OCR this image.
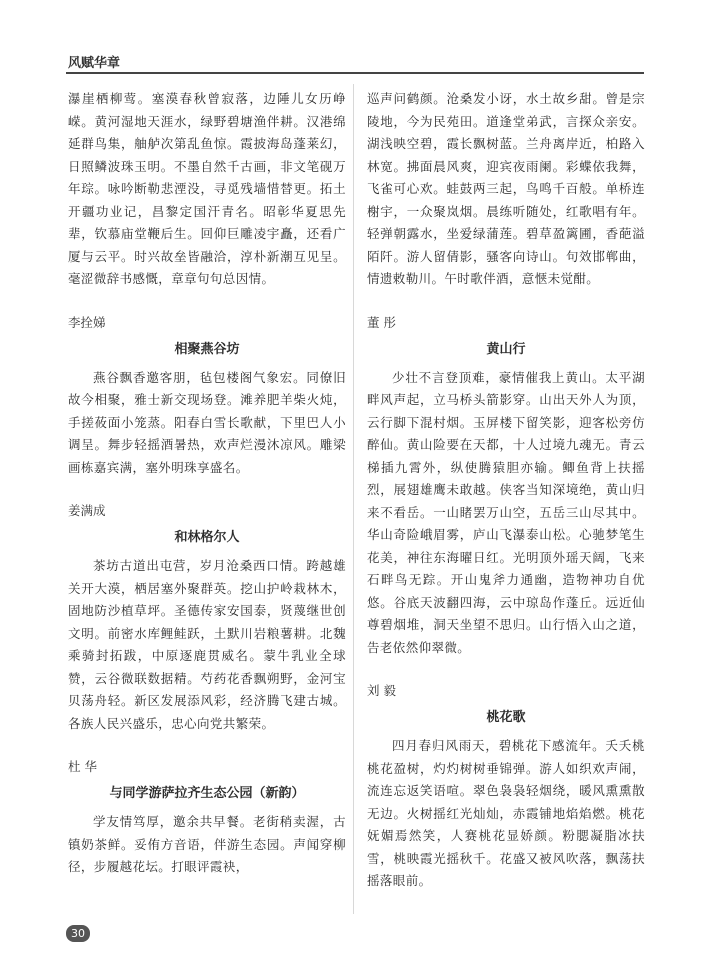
风赋华章

瀑崖栖柳莺。塞漠春秋曾寂落，边陲儿女历峥嵘。黄河湿地天涯水，绿野碧塘渔伴耕。汉港绵延群鸟集，舳舻次第乱鱼惊。霞披海岛蓬莱幻，日照鳞波珠玉明。不墨自然千古画，非文笔砚万年琮。咏吟断勒悲湮没，寻觅残墙惜替更。拓土开疆功业记，昌黎定国汗青名。昭彰华夏思先辈，钦慕庙堂鞭后生。回仰巨雕凌宇矗，还看广厦与云平。时兴故垒皆融洽，淳朴新潮互见呈。毫涩微辞书感慨，章章句句总因情。

李拴娣

相聚燕谷坊

燕谷飘香邀客朋，毡包楼阁气象宏。同僚旧故今相聚，雅士新交现场登。滩养肥羊柴火炖，手搓莜面小笼蒸。阳春白雪长歌献，下里巴人小调呈。舞步轻摇酒暑热，欢声烂漫沐凉风。雕梁画栋嘉宾满，塞外明珠享盛名。

姜满成

和林格尔人

茶坊古道出屯营，岁月沧桑西口情。跨越雄关开大漠，栖居塞外聚群英。挖山护岭栽林木，固地防沙植草坪。圣德传家安国泰，贤蔑继世创文明。前密水库鲤鲑跃，土默川岩粮薯耕。北魏乘骑封拓跋，中原逐鹿贯威名。蒙牛乳业全球赞，云谷微联数据精。芍药花香飘朔野，金河宝贝荡舟轻。新区发展添风彩，经济腾飞建古城。各族人民兴盛乐，忠心向党共繁荣。

杜 华

与同学游萨拉齐生态公园（新韵）

学友情笃厚，邀余共早餐。老街稍卖渥，古镇奶茶鲜。妥侑方音语，伴游生态园。声闻穿柳径，步履越花坛。打眼评霞袂，

巡声问鹤颜。沧桑发小讶，水土故乡甜。曾是宗陵地，今为民苑田。道逢堂弟武，言探众亲安。湖浅映空碧，霞长飘树蓝。兰舟离岸近，柏路入林宽。拂面晨风爽，迎宾夜雨阑。彩蝶依我舞，飞雀可心欢。蛙鼓两三起，鸟鸣千百般。单桥连榭宇，一众聚岚烟。晨练听随处，红歌唱有年。轻弹朝露水，坐爱绿蒲莲。碧草盈篱圃，香葩溢陌阡。游人留倩影，骚客向诗山。句效邯郸曲，情遗敕勒川。午时歌伴酒，意惬未觉酣。

董 彤

黄山行

少壮不言登顶难，豪情催我上黄山。太平湖畔风声起，立马桥头箭影穿。山出天外人为顶，云行脚下混村烟。玉屏楼下留笑影，迎客松旁仿醉仙。黄山险要在天都，十人过境九魂无。青云梯插九霄外，纵使腾猿胆亦输。鲫鱼背上扶摇烈，展翅雄鹰未敢越。侠客当知深境绝，黄山归来不看岳。一山睹罢万山空，五岳三山尽其中。华山奇险峨眉雾，庐山飞瀑泰山松。心驰梦笔生花美，神往东海曜日红。光明顶外瑶天阔，飞来石畔鸟无踪。开山鬼斧力通幽，造物神功自优悠。谷底天波翻四海，云中琼岛作蓬丘。远近仙尊碧烟堆，洞天坐望不思归。山行悟入山之道，告老依然仰翠微。

刘 毅

桃花歌

四月春归风雨天，碧桃花下感流年。夭夭桃桃花盈树，灼灼树树垂锦弹。游人如织欢声闹，流连忘返笑语喧。翠色袅袅轻烟绕，暖风熏熏散无边。火树摇红光灿灿，赤霞铺地焰焰燃。桃花妩媚焉然笑，人赛桃花显娇颜。粉腮凝脂冰扶雪，桃映霞光摇秋千。花盛又被风吹落，飘荡扶摇落眼前。

30
